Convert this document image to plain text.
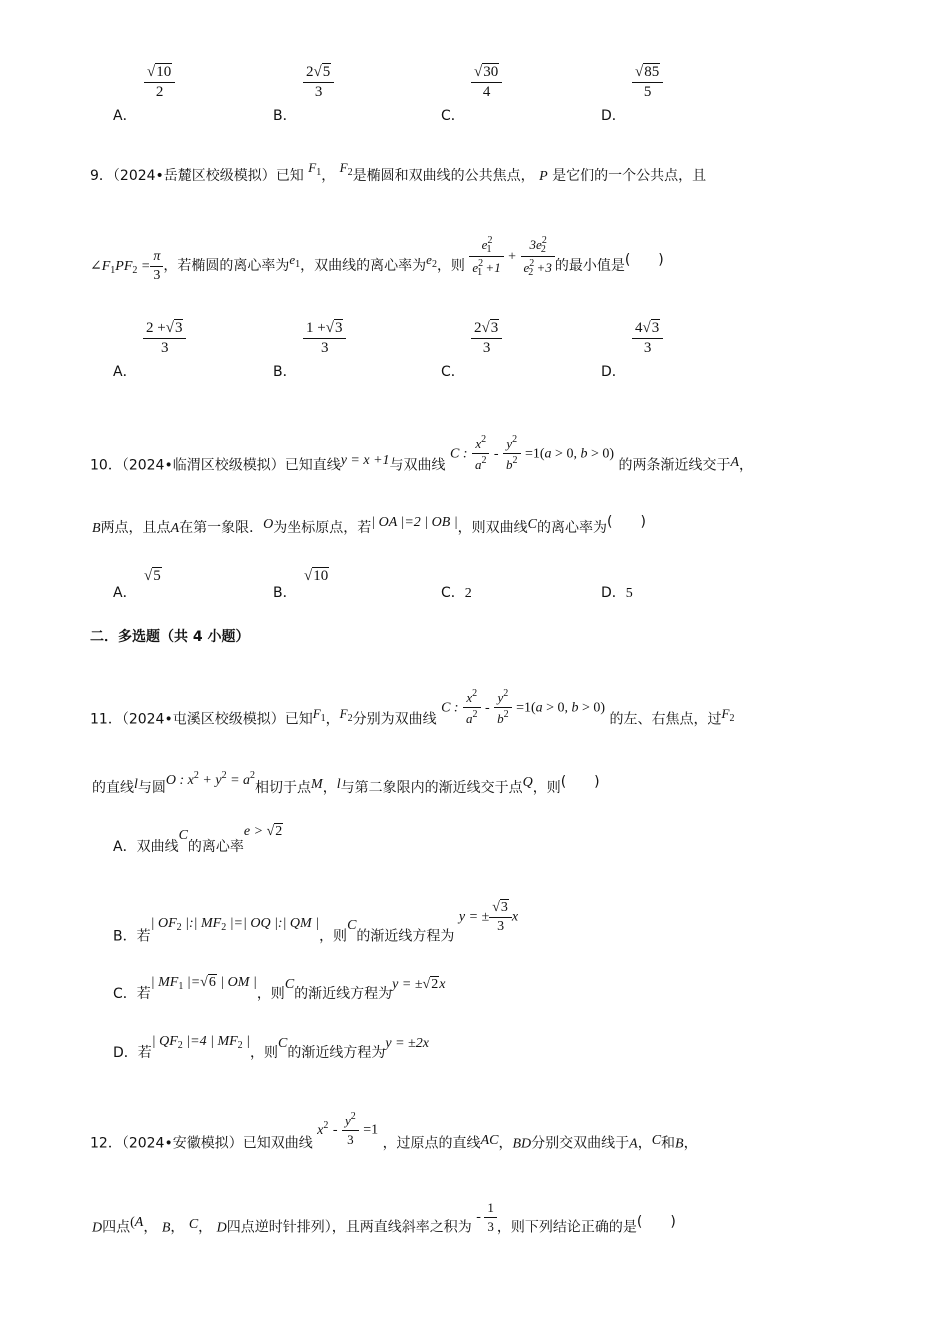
$\frac{√10}{2}$
A．
$\frac{2√5}{3}$
B．
$\frac{√30}{4}$
C．
$\frac{√85}{5}$
D．
9．（2024•岳麓区校级模拟）已知 $F_1$， $F_2$是椭圆和双曲线的公共焦点， P 是它们的一个公共点，且
$\angle F_1PF_2 = \frac{\pi}{3}$ ，若椭圆的离心率为$e_1$，双曲线的离心率为$e_2$，则 $\frac{e^2_1}{e^2_1 +1} + \frac{3e^2_2}{e^2_2 +3}$ 的最小值是(　　)
$\frac{2 +√3}{3}$
A．
$\frac{1 +√3}{3}$
B．
$\frac{2√3}{3}$
C．
$\frac{4√3}{3}$
D．
10．（2024•临渭区校级模拟）已知直线y = x +1与双曲线 C : $\frac{x^2}{a^2} - \frac{y^2}{b^2} =1(a > 0$, b > 0) 的两条渐近线交于A，
B两点，且点A在第一象限．O为坐标原点，若| OA |=2 | OB |，则双曲线C的离心率为(　　)
√5
A．
√10
B．	C．2	D．5
二．多选题（共 4 小题）
11．（2024•屯溪区校级模拟）已知$F_1$，$F_2$分别为双曲线 C : $\frac{x^2}{a^2} - \frac{y^2}{b^2} =1(a > 0$, b > 0) 的左、右焦点，过$F_2$
的直线l与圆O : $x^2 + y^2 = a^2$相切于点M，l与第二象限内的渐近线交于点Q，则(　　)
A．双曲线C的离心率e > √2
B．若| $OF_2$ |:| $MF_2$ |=| OQ |:| QM |，则C的渐近线方程为 y = ± $\frac{√3}{3}$ x
C．若| $MF_1$ |=√6 | OM |，则C的渐近线方程为y = ±√2x
D．若| $QF_2$ |=4 | $MF_2$ |，则C的渐近线方程为y = ±2x
12．（2024•安徽模拟）已知双曲线 $x^2 - \frac{y^2}{3} =1$ ，过原点的直线AC，BD分别交双曲线于A，C和B，
D四点(A， B， C， D四点逆时针排列），且两直线斜率之积为 - $\frac{1}{3}$ ，则下列结论正确的是(　　)
